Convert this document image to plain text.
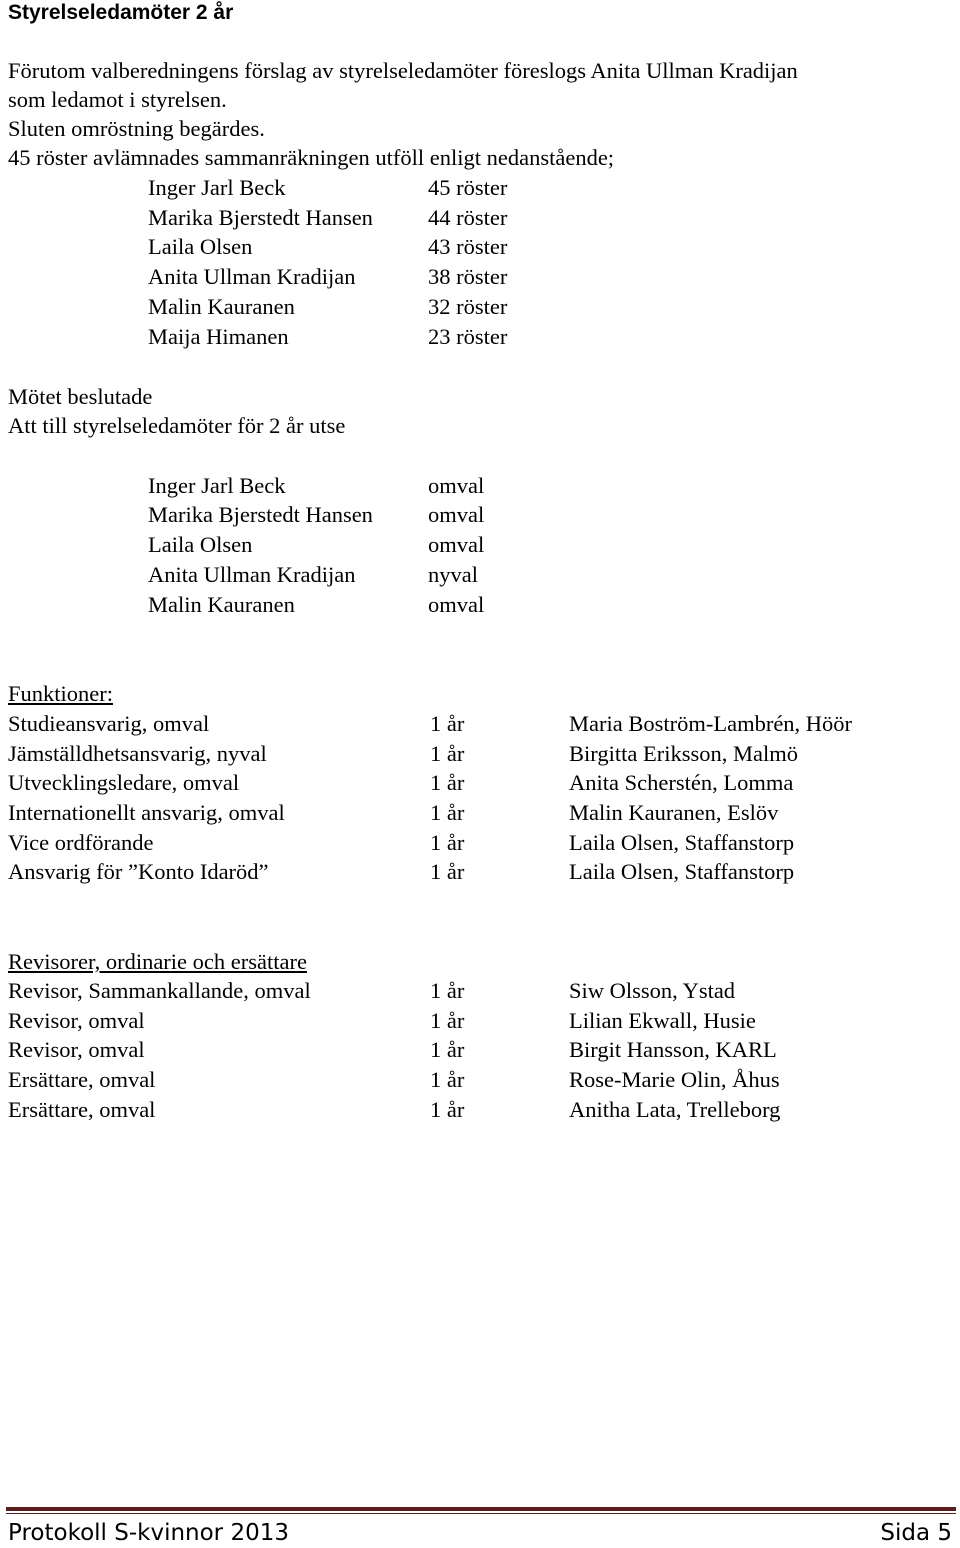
Styrelseledamöter 2 år
Förutom valberedningens förslag av styrelseledamöter föreslogs Anita Ullman Kradijan
som ledamot i styrelsen.
Sluten omröstning begärdes.
45 röster avlämnades sammanräkningen utföll enligt nedanstående;
Inger Jarl Beck	45 röster
Marika Bjerstedt Hansen 44 röster
Laila Olsen	43 röster
Anita Ullman Kradijan	38 röster
Malin Kauranen	32 röster
Maija Himanen	23 röster
Mötet beslutade
Att till styrelseledamöter för 2 år utse
Inger Jarl Beck	omval
Marika Bjerstedt Hansen omval
Laila Olsen	omval
Anita Ullman Kradijan	nyval
Malin Kauranen	omval
Funktioner:
Studieansvarig, omval	1 år	Maria Boström-Lambrén, Höör
Jämställdhetsansvarig, nyval	1 år	Birgitta Eriksson, Malmö
Utvecklingsledare, omval	1 år	Anita Scherstén, Lomma
Internationellt ansvarig, omval	1 år	Malin Kauranen, Eslöv
Vice ordförande	1 år	Laila Olsen, Staffanstorp
Ansvarig för ”Konto Idaröd”	1 år	Laila Olsen, Staffanstorp
Revisorer, ordinarie och ersättare
Revisor, Sammankallande, omval	1 år	Siw Olsson, Ystad
Revisor, omval	1 år	Lilian Ekwall, Husie
Revisor, omval	1 år	Birgit Hansson, KARL
Ersättare, omval	1 år	Rose-Marie Olin, Åhus
Ersättare, omval	1 år	Anitha Lata, Trelleborg
Protokoll S-kvinnor 2013	Sida 5
